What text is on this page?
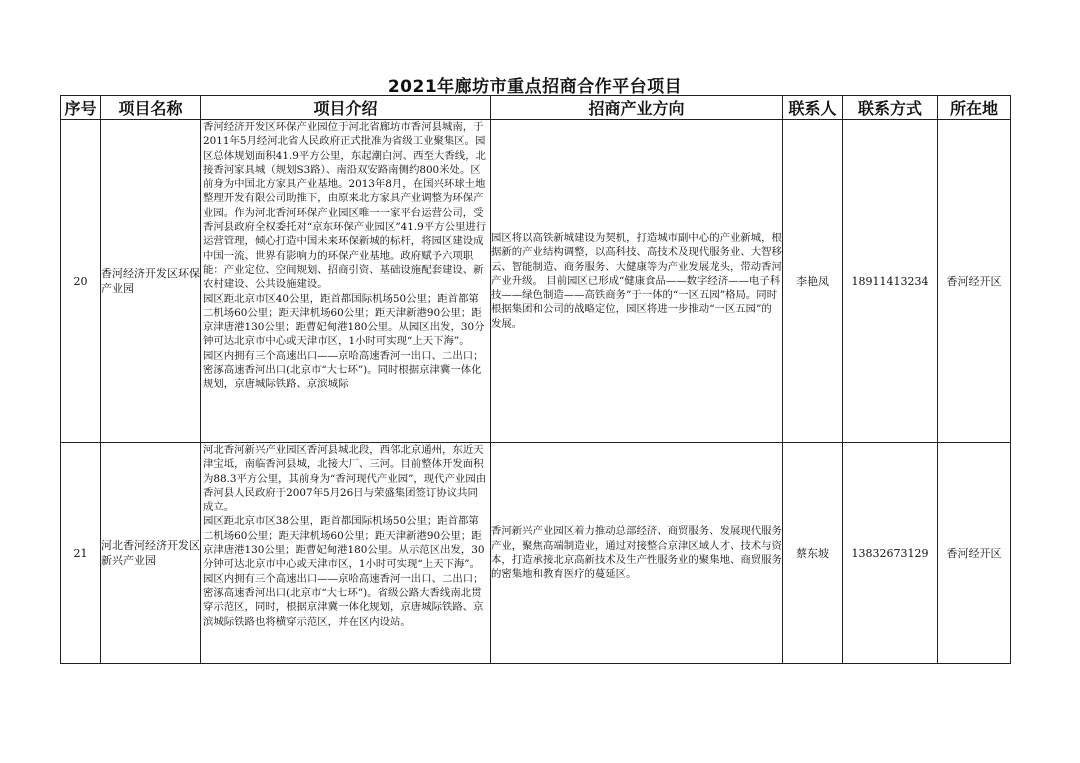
2021年廊坊市重点招商合作平台项目
序号	项目名称	项目介绍	招商产业方向	联系人	联系方式	所在地
20	香河经济开发区环保产业园	香河经济开发区环保产业园位于河北省廊坊市香河县城南，于2011年5月经河北省人民政府正式批准为省级工业聚集区。园区总体规划面积41.9平方公里，东起潮白河、西至大香线，北接香河家具城（规划S3路）、南沿双安路南侧约800米处。区前身为中国北方家具产业基地。2013年8月，在国兴环球土地整理开发有限公司助推下，由原来北方家具产业调整为环保产业园。作为河北香河环保产业园区唯一一家平台运营公司，受香河县政府全权委托对“京东环保产业园区”41.9平方公里进行运营管理，倾心打造中国未来环保新城的标杆，将园区建设成中国一流、世界有影响力的环保产业基地。政府赋予六项职能：产业定位、空间规划、招商引资、基础设施配套建设、新农村建设、公共设施建设。

园区距北京市区40公里，距首都国际机场50公里；距首都第二机场60公里；距天津机场60公里；距天津新港90公里；距京津唐港130公里；距曹妃甸港180公里。从园区出发，30分钟可达北京市中心或天津市区，1小时可实现“上天下海”。

园区内拥有三个高速出口——京哈高速香河一出口、二出口；密涿高速香河出口(北京市“大七环”)。同时根据京津冀一体化规划，京唐城际铁路、京滨城际	园区将以高铁新城建设为契机，打造城市副中心的产业新城，根据新的产业结构调整，以高科技、高技术及现代服务业、大智移云、智能制造、商务服务、大健康等为产业发展龙头，带动香河产业升级。 目前园区已形成“健康食品——数字经济——电子科技——绿色制造——高铁商务”于一体的“一区五园”格局。同时根据集团和公司的战略定位，园区将进一步推动“一区五园”的发展。	李艳凤	18911413234	香河经开区
21	河北香河经济开发区新兴产业园	河北香河新兴产业园区香河县城北段，西邻北京通州，东近天津宝坻，南临香河县城，北接大厂、三河。目前整体开发面积为88.3平方公里，其前身为“香河现代产业园”，现代产业园由香河县人民政府于2007年5月26日与荣盛集团签订协议共同成立。

园区距北京市区38公里，距首都国际机场50公里；距首都第二机场60公里；距天津机场60公里；距天津新港90公里；距京津唐港130公里；距曹妃甸港180公里。从示范区出发，30分钟可达北京市中心或天津市区，1小时可实现“上天下海”。

园区内拥有三个高速出口——京哈高速香河一出口、二出口；密涿高速香河出口(北京市“大七环”)。省级公路大香线南北贯穿示范区，同时，根据京津冀一体化规划，京唐城际铁路、京滨城际铁路也将横穿示范区，并在区内设站。	香河新兴产业园区着力推动总部经济、商贸服务、发展现代服务产业，聚焦高端制造业，通过对接整合京津区域人才、技术与资本，打造承接北京高新技术及生产性服务业的聚集地、商贸服务的密集地和教育医疗的蔓延区。	蔡东坡	13832673129	香河经开区
